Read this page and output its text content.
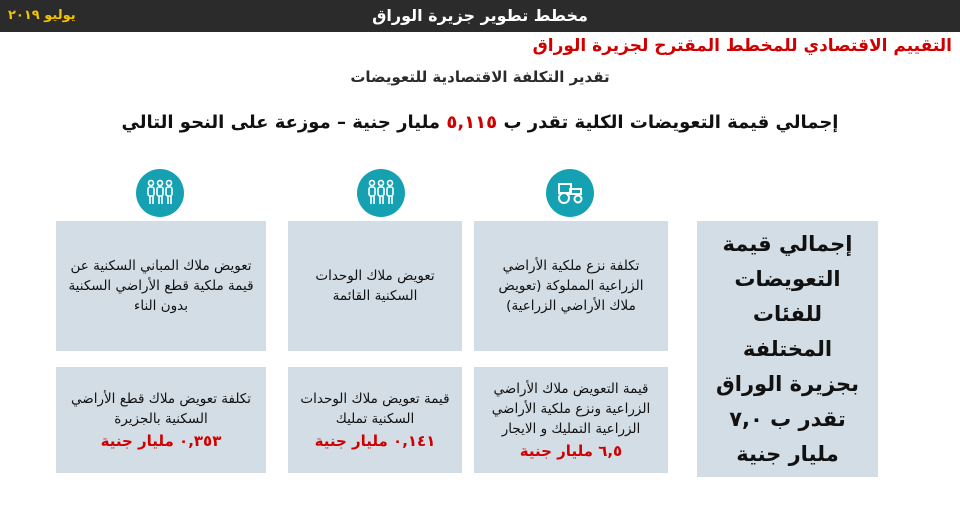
مخطط تطوير جزيرة الوراق
يوليو ٢٠١٩
التقييم الاقتصادي للمخطط المقترح لجزيرة الوراق
تقدير التكلفة الاقتصادية للتعويضات
إجمالي قيمة التعويضات الكلية تقدر ب ٥,١١٥ مليار جنية – موزعة على النحو التالي
تكلفة نزع ملكية الأراضي الزراعية المملوكة (تعويض ملاك الأراضي الزراعية)
تعويض ملاك الوحدات السكنية القائمة
تعويض ملاك المباني السكنية عن قيمة ملكية قطع الأراضي السكنية بدون الناء
قيمة التعويض ملاك الأراضي الزراعية ونزع ملكية الأراضي الزراعية التمليك و الايجار
٦,٥ مليار جنية
قيمة تعويض ملاك الوحدات السكنية تمليك
٠,١٤١ مليار جنية
تكلفة تعويض ملاك قطع الأراضي السكنية بالجزيرة
٠,٣٥٣ مليار جنية
إجمالي قيمة التعويضات للفئات المختلفة بجزيرة الوراق تقدر ب ٧,٠ مليار جنية
